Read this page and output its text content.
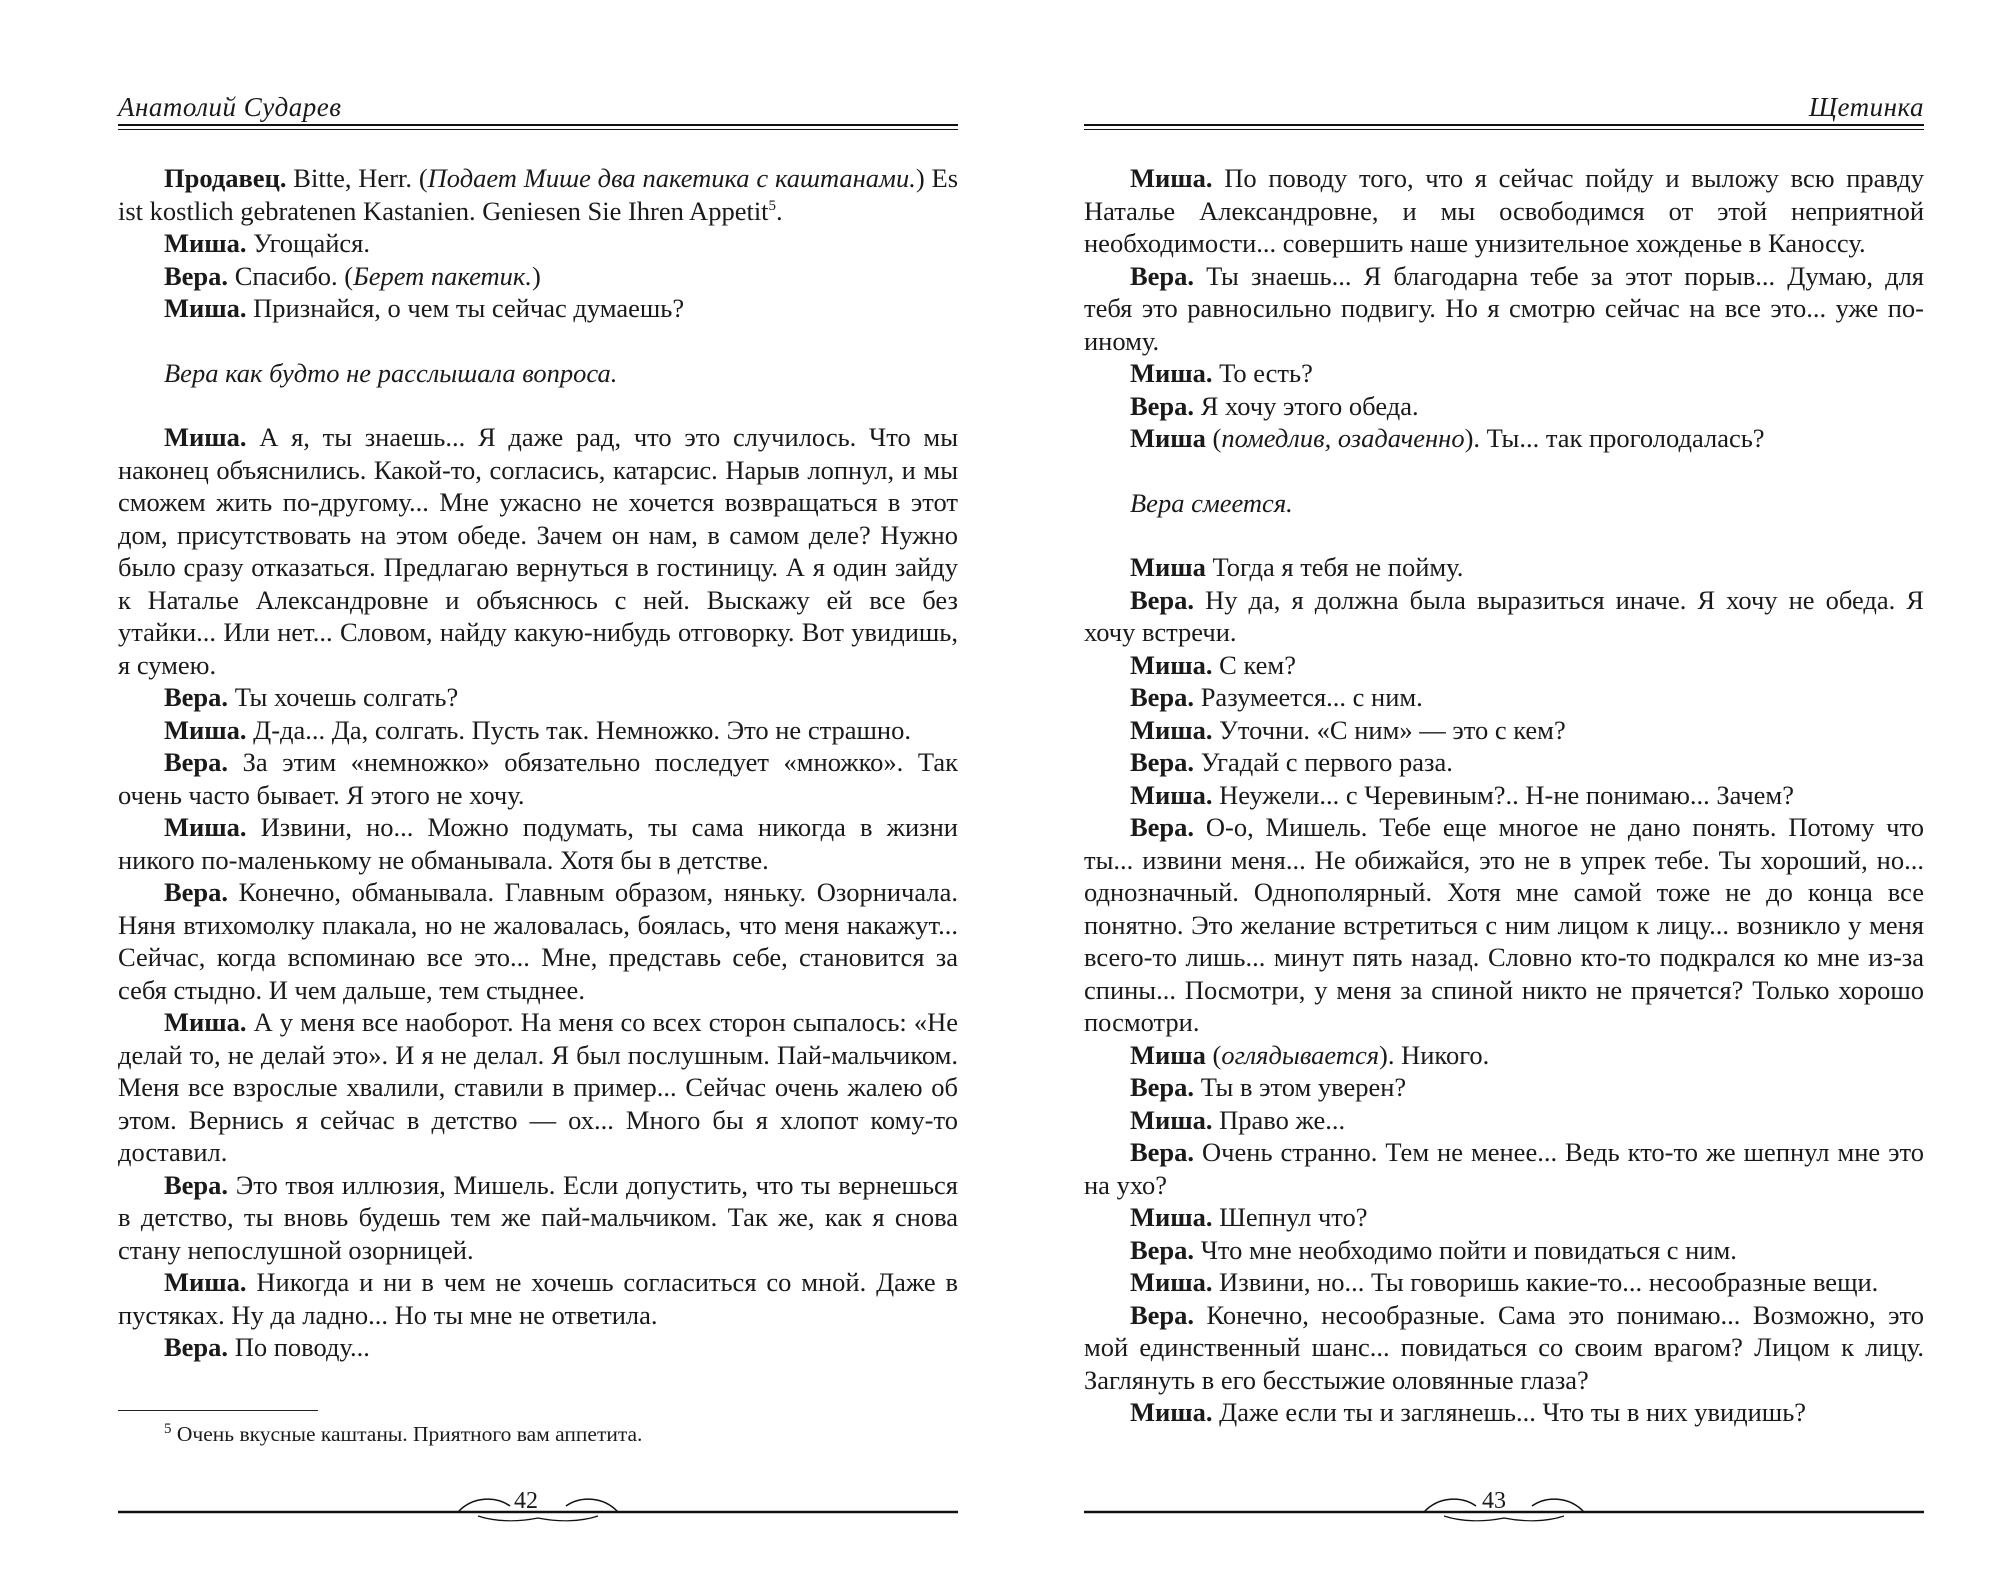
Анатолий Сударев

Продавец. Bitte, Herr. (Подает Мише два пакетика с каштанами.) Es ist kostlich gebratenen Kastanien. Geniesen Sie Ihren Appetit$^5$.

Миша. Угощайся.

Вера. Спасибо. (Берет пакетик.)

Миша. Признайся, о чем ты сейчас думаешь?

Вера как будто не расслышала вопроса.

Миша. А я, ты знаешь... Я даже рад, что это случилось. Что мы наконец объяснились. Какой-то, согласись, катарсис. Нарыв лопнул, и мы сможем жить по-другому... Мне ужасно не хочется возвращаться в этот дом, присутствовать на этом обеде. Зачем он нам, в самом деле? Нужно было сразу отказаться. Предлагаю вернуться в гостиницу. А я один зайду к Наталье Александровне и объяснюсь с ней. Выскажу ей все без утайки... Или нет... Словом, найду какую-нибудь отговорку. Вот увидишь, я сумею.

Вера. Ты хочешь солгать?

Миша. Д-да... Да, солгать. Пусть так. Немножко. Это не страшно.

Вера. За этим «немножко» обязательно последует «множко». Так очень часто бывает. Я этого не хочу.

Миша. Извини, но... Можно подумать, ты сама никогда в жизни никого по-маленькому не обманывала. Хотя бы в детстве.

Вера. Конечно, обманывала. Главным образом, няньку. Озорничала. Няня втихомолку плакала, но не жаловалась, боялась, что меня накажут... Сейчас, когда вспоминаю все это... Мне, представь себе, становится за себя стыдно. И чем дальше, тем стыднее.

Миша. А у меня все наоборот. На меня со всех сторон сыпалось: «Не делай то, не делай это». И я не делал. Я был послушным. Пай-мальчиком. Меня все взрослые хвалили, ставили в пример... Сейчас очень жалею об этом. Вернись я сейчас в детство — ох... Много бы я хлопот кому-то доставил.

Вера. Это твоя иллюзия, Мишель. Если допустить, что ты вернешься в детство, ты вновь будешь тем же пай-мальчиком. Так же, как я снова стану непослушной озорницей.

Миша. Никогда и ни в чем не хочешь согласиться со мной. Даже в пустяках. Ну да ладно... Но ты мне не ответила.

Вера. По поводу...

$^5$ Очень вкусные каштаны. Приятного вам аппетита.
42
Щетинка

Миша. По поводу того, что я сейчас пойду и выложу всю правду Наталье Александровне, и мы освободимся от этой неприятной необходимости... совершить наше унизительное хожденье в Каноссу.

Вера. Ты знаешь... Я благодарна тебе за этот порыв... Думаю, для тебя это равносильно подвигу. Но я смотрю сейчас на все это... уже по-иному.

Миша. То есть?

Вера. Я хочу этого обеда.

Миша (помедлив, озадаченно). Ты... так проголодалась?

Вера смеется.

Миша Тогда я тебя не пойму.

Вера. Ну да, я должна была выразиться иначе. Я хочу не обеда. Я хочу встречи.

Миша. С кем?

Вера. Разумеется... с ним.

Миша. Уточни. «С ним» — это с кем?

Вера. Угадай с первого раза.

Миша. Неужели... с Черевиным?.. Н-не понимаю... Зачем?

Вера. О-о, Мишель. Тебе еще многое не дано понять. Потому что ты... извини меня... Не обижайся, это не в упрек тебе. Ты хороший, но... однозначный. Однополярный. Хотя мне самой тоже не до конца все понятно. Это желание встретиться с ним лицом к лицу... возникло у меня всего-то лишь... минут пять назад. Словно кто-то подкрался ко мне из-за спины... Посмотри, у меня за спиной никто не прячется? Только хорошо посмотри.

Миша (оглядывается). Никого.

Вера. Ты в этом уверен?

Миша. Право же...

Вера. Очень странно. Тем не менее... Ведь кто-то же шепнул мне это на ухо?

Миша. Шепнул что?

Вера. Что мне необходимо пойти и повидаться с ним.

Миша. Извини, но... Ты говоришь какие-то... несообразные вещи.

Вера. Конечно, несообразные. Сама это понимаю... Возможно, это мой единственный шанс... повидаться со своим врагом? Лицом к лицу. Заглянуть в его бесстыжие оловянные глаза?

Миша. Даже если ты и заглянешь... Что ты в них увидишь?

43
